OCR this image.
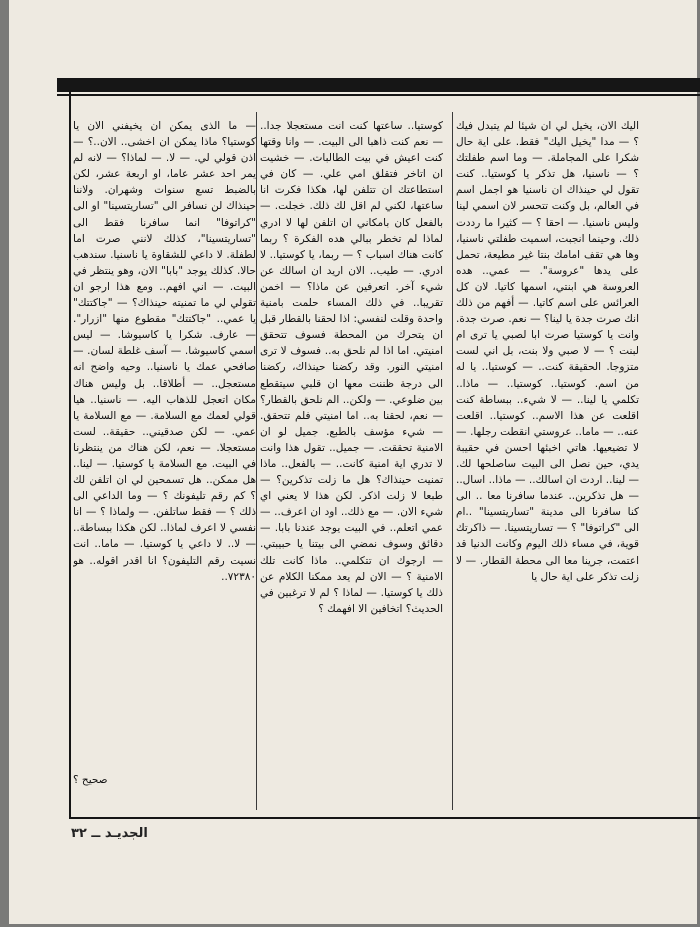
اليك الان، يخيل لي ان شيئا لم يتبدل فيك ؟ — مدا "يخيل اليك" فقط. على اية حال شكرا على المجاملة. — وما اسم طفلتك ؟ — ناسنيا، هل تذكر يا كوستيا.. كنت تقول لي حينذاك ان ناسنيا هو اجمل اسم في العالم، بل وكنت تتحسر لان اسمي لينا وليس ناسنيا. — احقا ؟ — كثيرا ما رددت ذلك. وحينما انجبت، اسميت طفلتي ناسنيا، وها هي تقف امامك بنتا غير مطيعة، تحمل على يدها "عروسة". — عمي.. هده العروسة هي ابنتي، اسمها كاتيا. لان كل العرائس على اسم كاتيا. — أفهم من ذلك انك صرت جدة يا لينا؟ — نعم. صرت جدة. وانت يا كوستيا صرت ابا لصبي يا ترى ام لبنت ؟ — لا صبي ولا بنت، بل اني لست متزوجا. الحقيقة كنت.. — كوستيا.. يا له من اسم. كوستيا.. كوستيا.. — ماذا.. تكلمي يا لينا.. — لا شيء.. ببساطة كنت اقلعت عن هذا الاسم.. كوستيا.. اقلعت عنه.. — ماما.. عروستي انقطت رجلها. — لا تضيعيها. هاتي اخبئها احسن في حقيبة يدي، حين نصل الى البيت ساصلحها لك. — لينا.. اردت ان اسالك.. — ماذا.. اسال.. — هل تذكرين.. عندما سافرنا معا .. الى كنا سافرنا الى مدينة "تساريتسينا" ..ام الى "كراتوفا" ؟ — تساريتسينا. — ذاكرتك قوية، في مساء ذلك اليوم وكانت الدنيا قد اعتمت، جرينا معا الى محطة القطار. — لا زلت تذكر على اية حال يا

كوستيا.. ساعتها كنت انت مستعجلا جدا.. — نعم كنت ذاهبا الى البيت. — وانا وقتها كنت اعيش في بيت الطالبات. — خشيت ان اتاخر فتقلق امي علي. — كان في استطاعتك ان تتلفن لها، هكذا فكرت انا ساعتها، لكني لم اقل لك ذلك. خجلت. — بالفعل كان بامكاني ان اتلفن لها لا ادري لماذا لم تخطر ببالي هده الفكرة ؟ ربما كانت هناك اسباب ؟ — ربما، يا كوستيا.. لا ادري. — طيب.. الان اريد ان اسالك عن شيء آخر. اتعرفين عن ماذا؟ — اخمن تقريبا.. في ذلك المساء حلمت بامنية واحدة وقلت لنفسي: اذا لحقنا بالقطار قبل ان يتحرك من المحطة فسوف تتحقق امنيتي. اما اذا لم نلحق به.. فسوف لا ترى امنيتي النور. وقد ركضنا حينذاك، ركضنا الى درجة ظننت معها ان قلبي سيتقطع بين ضلوعي. — ولكن.. الم نلحق بالقطار؟ — نعم، لحقنا به.. اما امنيتي فلم تتحقق. — شيء مؤسف بالطبع. جميل لو ان الامنية تحققت. — جميل.. تقول هذا وانت لا تدري اية امنية كانت.. — بالفعل.. ماذا تمنيت حينذاك؟ هل ما زلت تذكرين؟ — طبعا لا زلت اذكر. لكن هذا لا يعني اي شيء الان. — مع ذلك.. اود ان اعرف.. — عمي اتعلم.. في البيت يوجد عندنا بابا. — دقائق وسوف نمضي الى بيتنا يا حبيبتي. — ارجوك ان تتكلمي.. ماذا كانت تلك الامنية ؟ — الان لم يعد ممكنا الكلام عن ذلك يا كوستيا. — لماذا ؟ لم لا ترغبين في الحديث؟ اتخافين الا افهمك ؟

— ما الذى يمكن ان يخيفني الان يا كوستيا؟ ماذا يمكن ان اخشى.. الان..؟ — اذن قولي لي. — لا. — لماذا؟ — لانه لم يمر احد عشر عاما، او اربعة عشر، لكن بالضبط تسع سنوات وشهران. ولاننا حينذاك لن نسافر الى "تساريتسينا" او الى "كراتوفا" انما سافرنا فقط الى "تساريتسينا"، كذلك لانني صرت اما لطفلة. لا داعي للشقاوة يا ناسنيا. سندهب حالا. كذلك يوجد "بابا" الان، وهو ينتظر في البيت. — اني افهم.. ومع هذا ارجو ان تقولي لي ما تمنيته حينذاك؟ — "جاكتتك" يا عمي.. "جاكتتك" مقطوع منها "ازرار". — عارف. شكرا يا كاسيوشا. — ليس اسمي كاسيوشا. — آسف غلطة لسان. — صافحي عمك يا ناسنيا.. وحيه واضح انه مستعجل.. — أطلاقا.. بل وليس هناك مكان اتعجل للذهاب اليه. — ناسنيا.. هيا قولي لعمك مع السلامة. — مع السلامة يا عمي. — لكن صدقيني.. حقيقة.. لست مستعجلا. — نعم، لكن هناك من ينتظرنا في البيت. مع السلامة يا كوستيا. — لينا.. هل ممكن.. هل تسمحين لي ان اتلفن لك ؟ كم رقم تليفونك ؟ — وما الداعي الى ذلك ؟ — فقط ساتلفن. — ولماذا ؟ — انا نفسي لا اعرف لماذا.. لكن هكذا ببساطة.. — لا.. لا داعي يا كوستيا. — ماما.. انت نسيت رقم التليفون؟ انا اقدر اقوله.. هو ٧٢٣٨٠..

صحيح ؟

الجديـد ــ ٣٢
